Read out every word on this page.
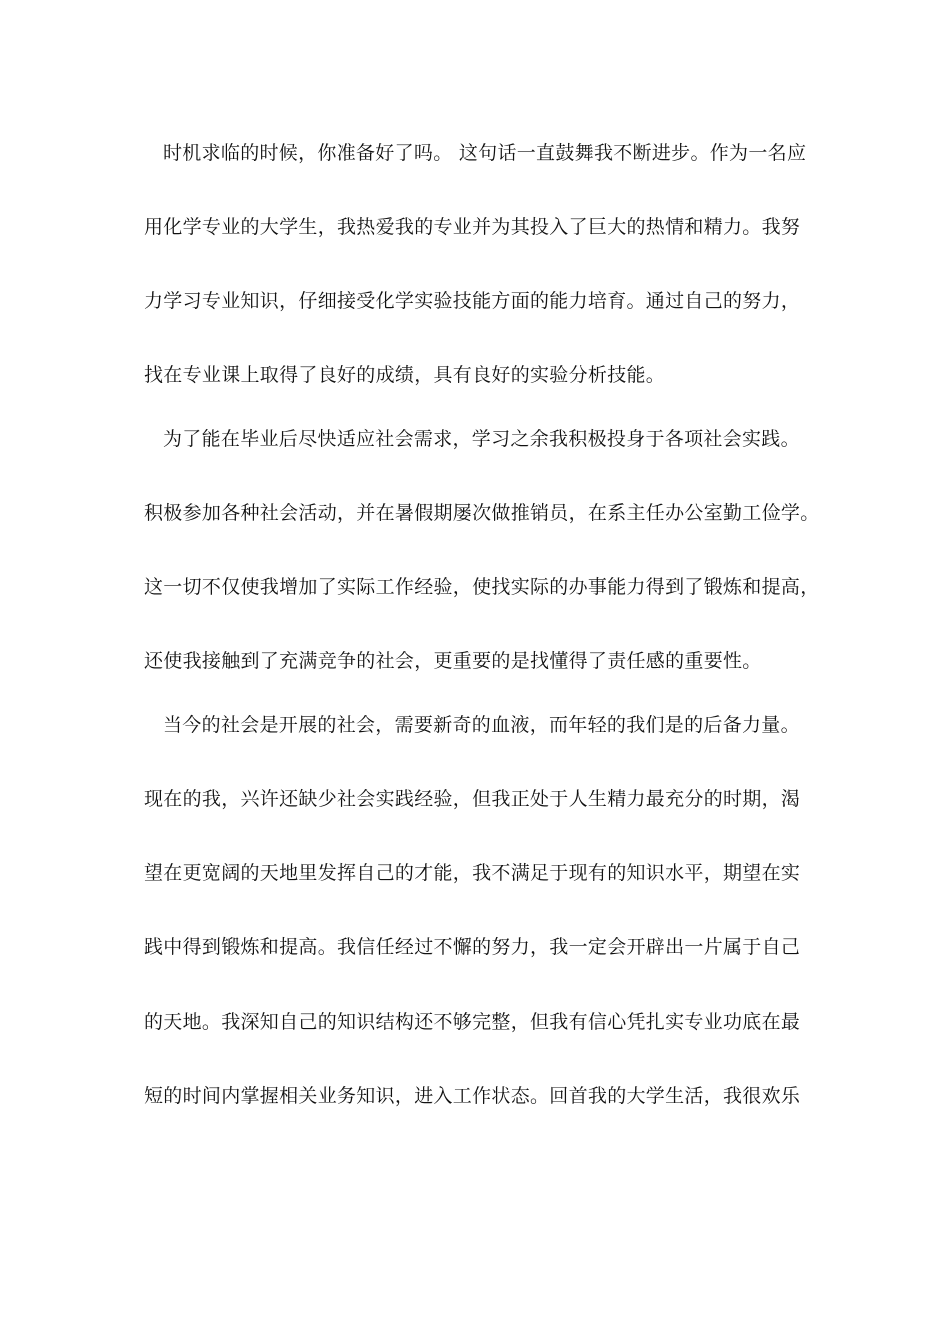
时机求临的时候，你准备好了吗。 这句话一直鼓舞我不断进步。作为一名应
用化学专业的大学生，我热爱我的专业并为其投入了巨大的热情和精力。我努
力学习专业知识，仔细接受化学实验技能方面的能力培育。通过自己的努力，
找在专业课上取得了良好的成绩，具有良好的实验分析技能。
为了能在毕业后尽快适应社会需求，学习之余我积极投身于各项社会实践。
积极参加各种社会活动，并在暑假期屡次做推销员，在系主任办公室勤工俭学。
这一切不仅使我增加了实际工作经验，使找实际的办事能力得到了锻炼和提高，
还使我接触到了充满竞争的社会，更重要的是找懂得了责任感的重要性。
当今的社会是开展的社会，需要新奇的血液，而年轻的我们是的后备力量。
现在的我，兴许还缺少社会实践经验，但我正处于人生精力最充分的时期，渴
望在更宽阔的天地里发挥自己的才能，我不满足于现有的知识水平，期望在实
践中得到锻炼和提高。我信任经过不懈的努力，我一定会开辟出一片属于自己
的天地。我深知自己的知识结构还不够完整，但我有信心凭扎实专业功底在最
短的时间内掌握相关业务知识，进入工作状态。回首我的大学生活，我很欢乐
